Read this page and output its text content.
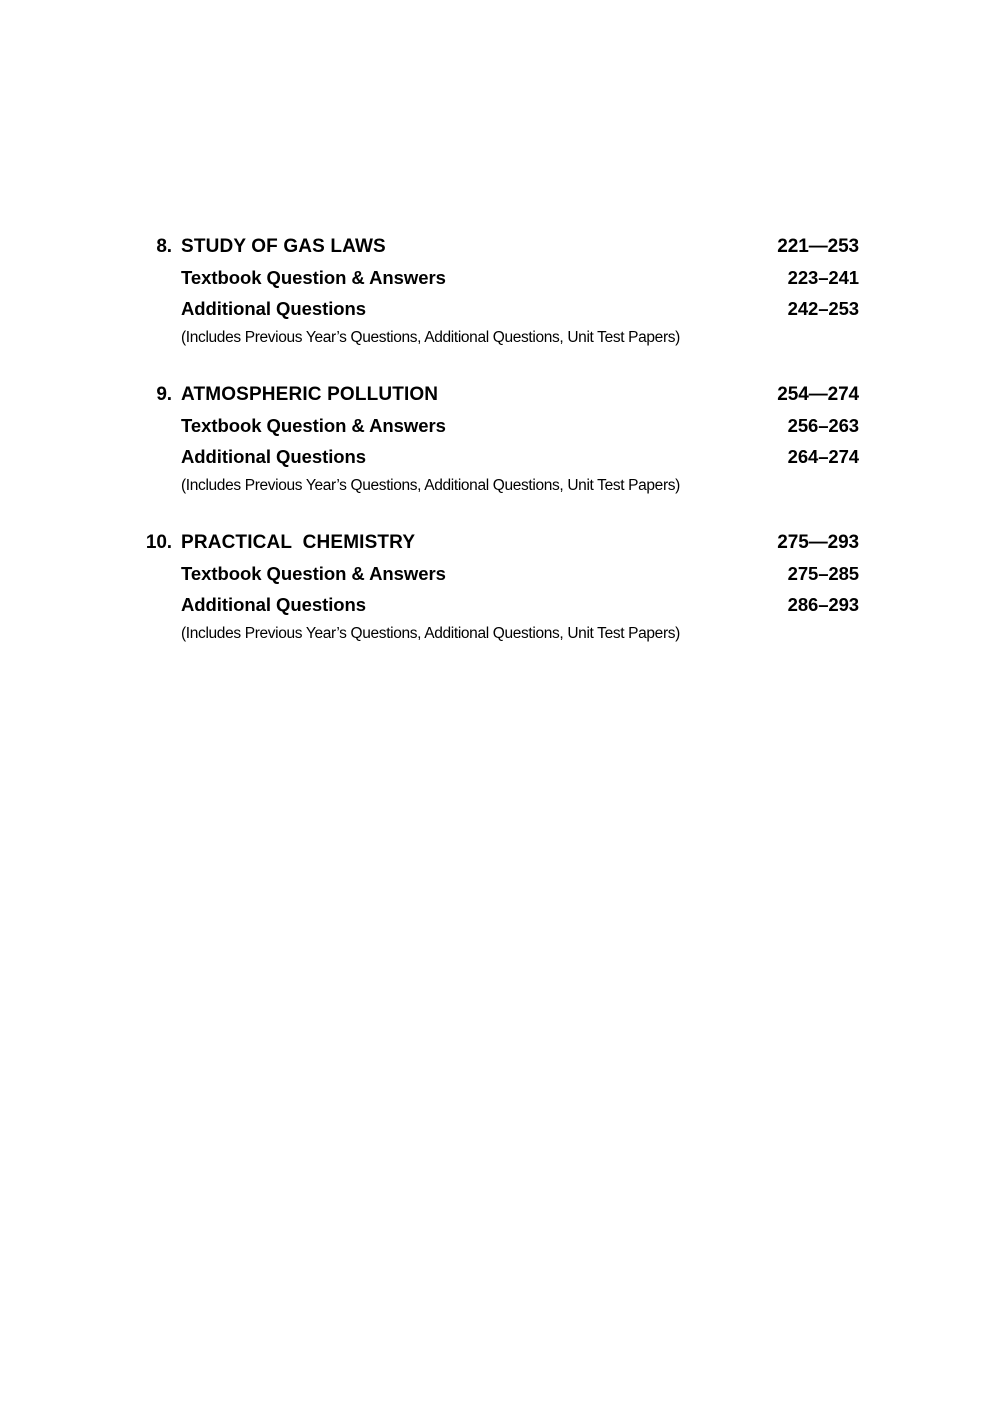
8. STUDY OF GAS LAWS	221—253
Textbook Question & Answers	223–241
Additional Questions	242–253
(Includes Previous Year’s Questions, Additional Questions, Unit Test Papers)
9. ATMOSPHERIC POLLUTION	254—274
Textbook Question & Answers	256–263
Additional Questions	264–274
(Includes Previous Year’s Questions, Additional Questions, Unit Test Papers)
10. PRACTICAL  CHEMISTRY	275—293
Textbook Question & Answers	275–285
Additional Questions	286–293
(Includes Previous Year’s Questions, Additional Questions, Unit Test Papers)
